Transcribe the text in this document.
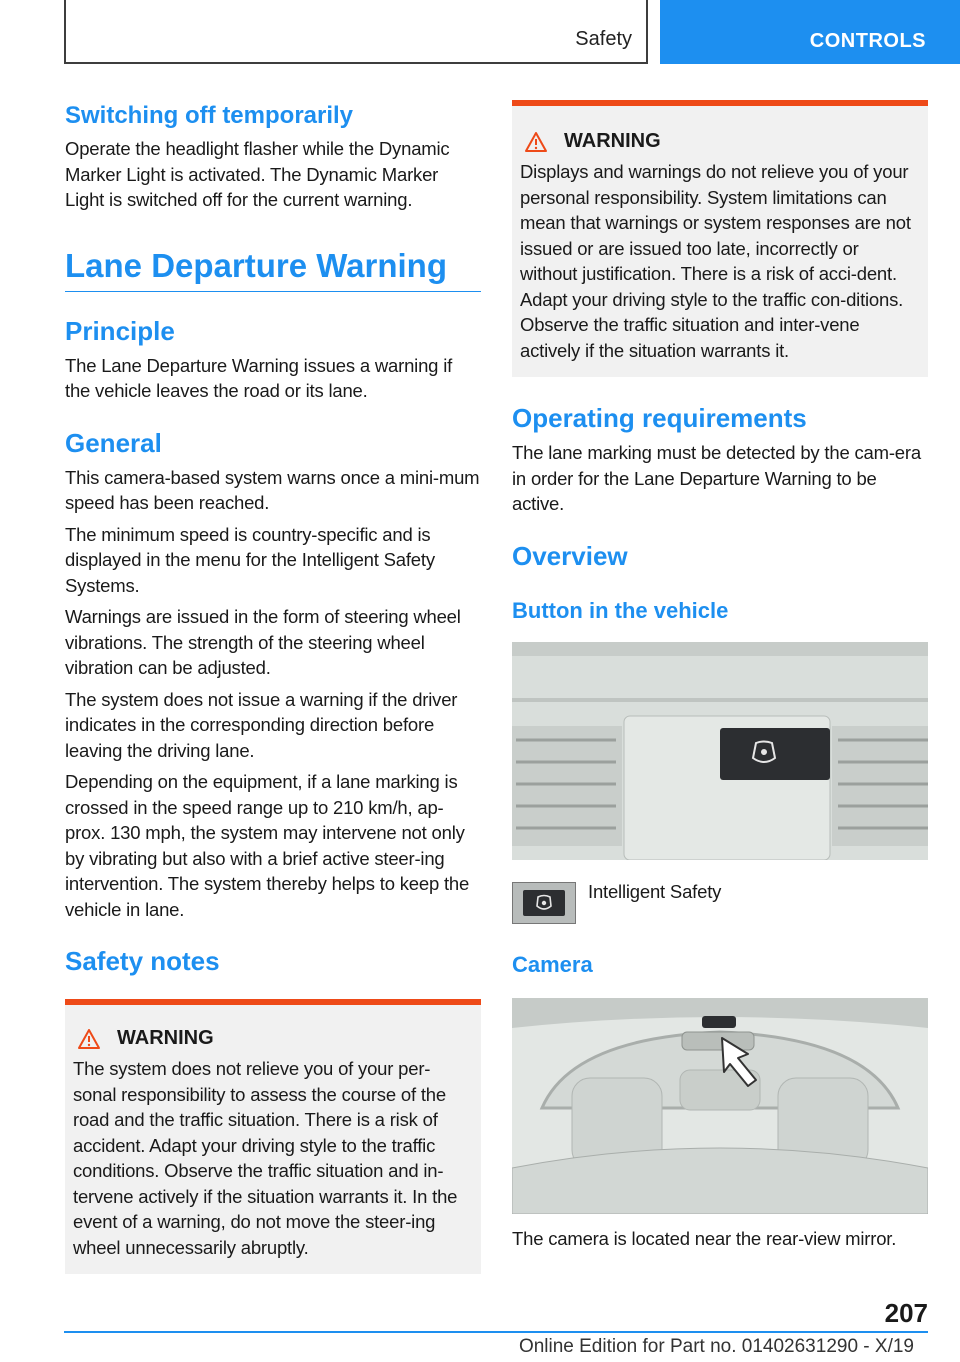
Safety	CONTROLS
Switching off temporarily

Operate the headlight flasher while the Dynamic Marker Light is activated. The Dynamic Marker Light is switched off for the current warning.

Lane Departure Warning
Principle

The Lane Departure Warning issues a warning if the vehicle leaves the road or its lane.

General

This camera-based system warns once a mini-mum speed has been reached.

The minimum speed is country-specific and is displayed in the menu for the Intelligent Safety Systems.

Warnings are issued in the form of steering wheel vibrations. The strength of the steering wheel vibration can be adjusted.

The system does not issue a warning if the driver indicates in the corresponding direction before leaving the driving lane.

Depending on the equipment, if a lane marking is crossed in the speed range up to 210 km/h, ap-prox. 130 mph, the system may intervene not only by vibrating but also with a brief active steer-ing intervention. The system thereby helps to keep the vehicle in lane.

Safety notes
WARNING

The system does not relieve you of your per-sonal responsibility to assess the course of the road and the traffic situation. There is a risk of accident. Adapt your driving style to the traffic conditions. Observe the traffic situation and in-tervene actively if the situation warrants it. In the event of a warning, do not move the steer-ing wheel unnecessarily abruptly.

WARNING

Displays and warnings do not relieve you of your personal responsibility. System limitations can mean that warnings or system responses are not issued or are issued too late, incorrectly or without justification. There is a risk of acci-dent. Adapt your driving style to the traffic con-ditions. Observe the traffic situation and inter-vene actively if the situation warrants it.

Operating requirements

The lane marking must be detected by the cam-era in order for the Lane Departure Warning to be active.

Overview
Button in the vehicle

Intelligent Safety

Camera

The camera is located near the rear-view mirror.

207
Online Edition for Part no. 01402631290 - X/19
